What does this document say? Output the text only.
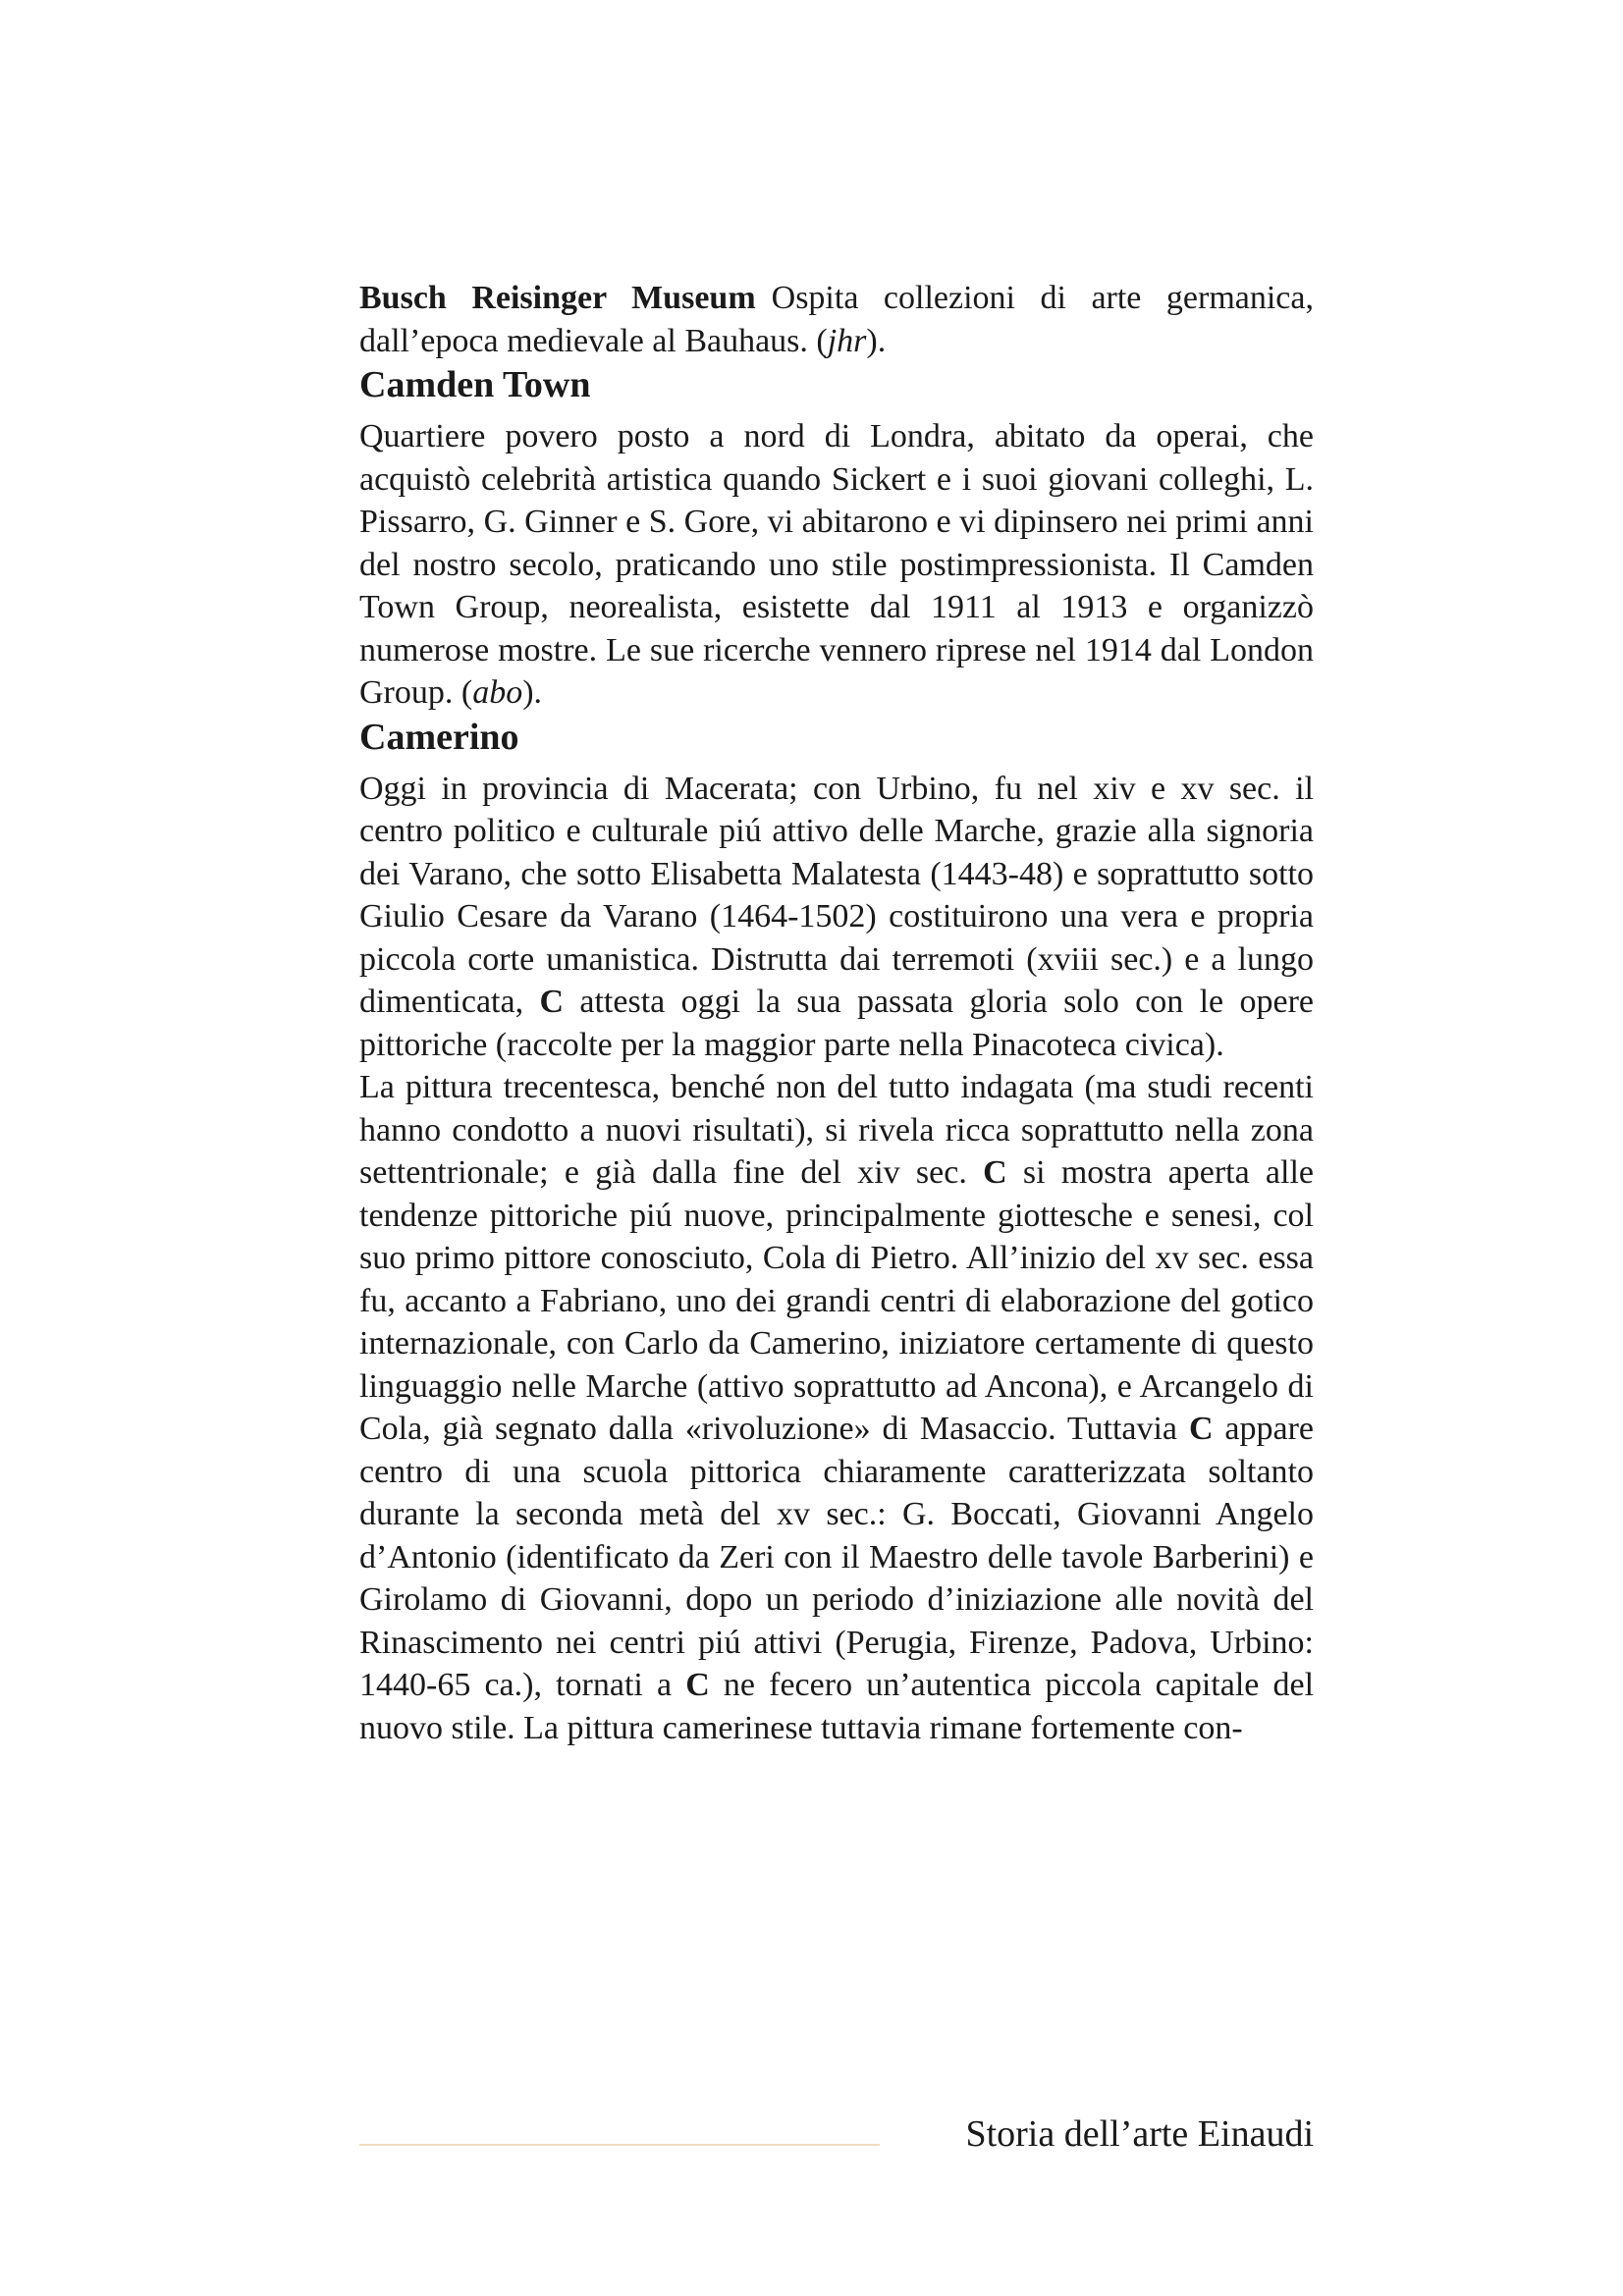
Busch Reisinger Museum Ospita collezioni di arte germanica, dall’epoca medievale al Bauhaus. (jhr).

Camden Town

Quartiere povero posto a nord di Londra, abitato da operai, che acquistò celebrità artistica quando Sickert e i suoi giovani colleghi, L. Pissarro, G. Ginner e S. Gore, vi abitarono e vi dipinsero nei primi anni del nostro secolo, praticando uno stile postimpressionista. Il Camden Town Group, neorealista, esistette dal 1911 al 1913 e organizzò numerose mostre. Le sue ricerche vennero riprese nel 1914 dal London Group. (abo).

Camerino

Oggi in provincia di Macerata; con Urbino, fu nel xiv e xv sec. il centro politico e culturale piú attivo delle Marche, grazie alla signoria dei Varano, che sotto Elisabetta Malatesta (1443-48) e soprattutto sotto Giulio Cesare da Varano (1464-1502) costituirono una vera e propria piccola corte umanistica. Distrutta dai terremoti (xviii sec.) e a lungo dimenticata, C attesta oggi la sua passata gloria solo con le opere pittoriche (raccolte per la maggior parte nella Pinacoteca civica).

La pittura trecentesca, benché non del tutto indagata (ma studi recenti hanno condotto a nuovi risultati), si rivela ricca soprattutto nella zona settentrionale; e già dalla fine del xiv sec. C si mostra aperta alle tendenze pittoriche piú nuove, principalmente giottesche e senesi, col suo primo pittore conosciuto, Cola di Pietro. All’inizio del xv sec. essa fu, accanto a Fabriano, uno dei grandi centri di elaborazione del gotico internazionale, con Carlo da Camerino, iniziatore certamente di questo linguaggio nelle Marche (attivo soprattutto ad Ancona), e Arcangelo di Cola, già segnato dalla «rivoluzione» di Masaccio. Tuttavia C appare centro di una scuola pittorica chiaramente caratterizzata soltanto durante la seconda metà del xv sec.: G. Boccati, Giovanni Angelo d’Antonio (identificato da Zeri con il Maestro delle tavole Barberini) e Girolamo di Giovanni, dopo un periodo d’iniziazione alle novità del Rinascimento nei centri piú attivi (Perugia, Firenze, Padova, Urbino: 1440-65 ca.), tornati a C ne fecero un’autentica piccola capitale del nuovo stile. La pittura camerinese tuttavia rimane fortemente con-

Storia dell’arte Einaudi
